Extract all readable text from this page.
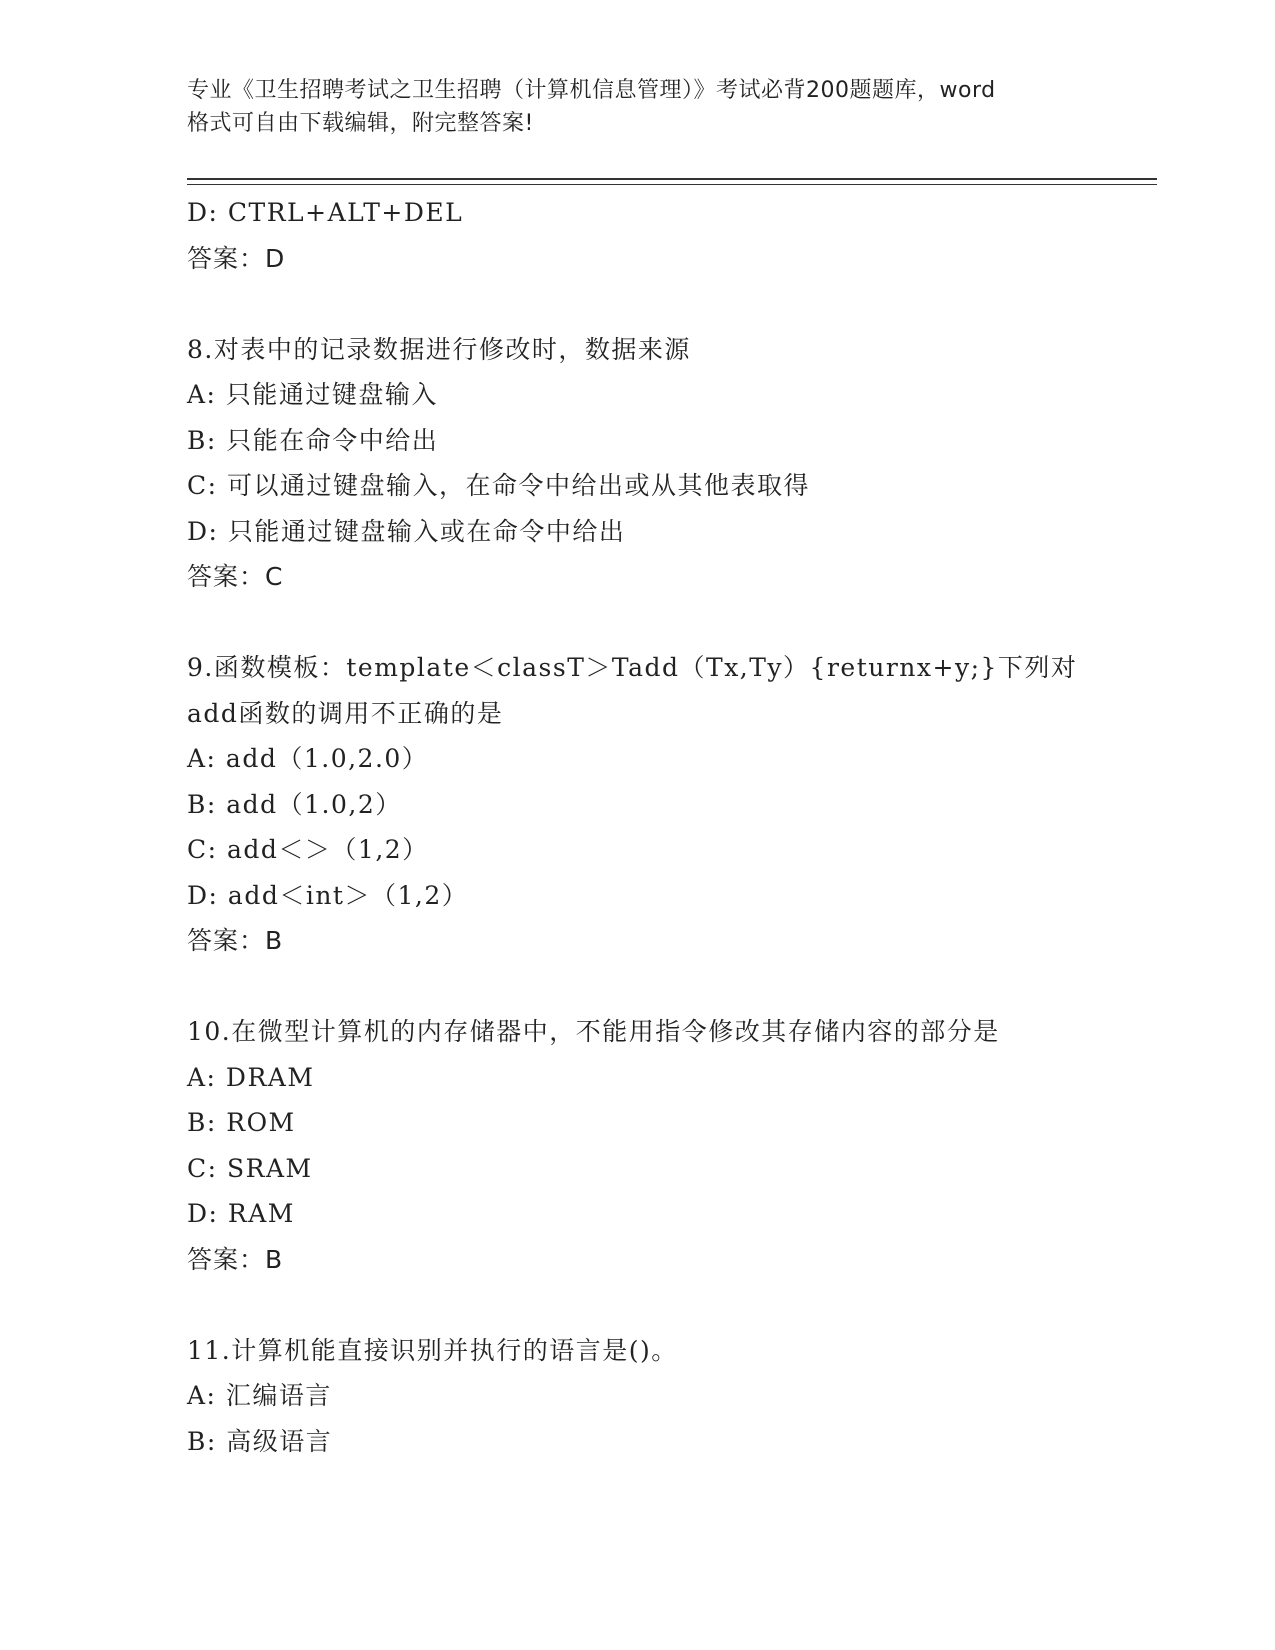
专业《卫生招聘考试之卫生招聘（计算机信息管理）》考试必背200题题库，word
格式可自由下载编辑，附完整答案!
D: CTRL+ALT+DEL
答案：D
8.对表中的记录数据进行修改时，数据来源
A: 只能通过键盘输入
B: 只能在命令中给出
C: 可以通过键盘输入，在命令中给出或从其他表取得
D: 只能通过键盘输入或在命令中给出
答案：C
9.函数模板：template＜classT＞Tadd（Tx,Ty）{returnx+y;}下列对
add函数的调用不正确的是
A: add（1.0,2.0）
B: add（1.0,2）
C: add＜＞（1,2）
D: add＜int＞（1,2）
答案：B
10.在微型计算机的内存储器中，不能用指令修改其存储内容的部分是
A: DRAM
B: ROM
C: SRAM
D: RAM
答案：B
11.计算机能直接识别并执行的语言是()。
A: 汇编语言
B: 高级语言
